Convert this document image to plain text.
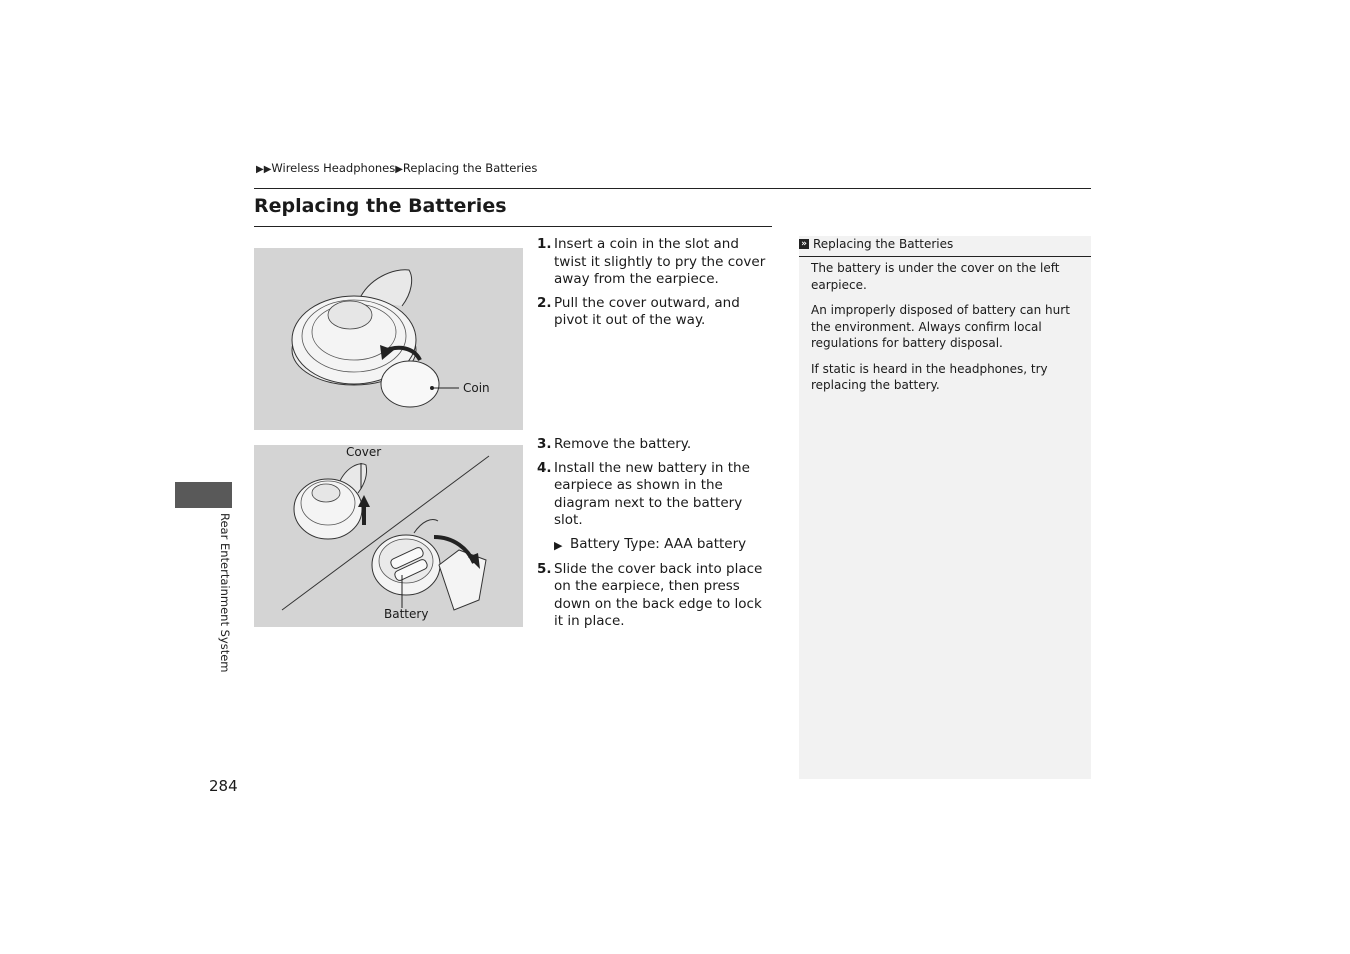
▶▶Wireless Headphones▶Replacing the Batteries
Replacing the Batteries
Coin
1. Insert a coin in the slot and twist it slightly to pry the cover away from the earpiece.
2. Pull the cover outward, and pivot it out of the way.
Cover
Battery
3. Remove the battery.
4. Install the new battery in the earpiece as shown in the diagram next to the battery slot.
▶ Battery Type: AAA battery
5. Slide the cover back into place on the earpiece, then press down on the back edge to lock it in place.
» Replacing the Batteries

The battery is under the cover on the left earpiece.

An improperly disposed of battery can hurt the environment. Always confirm local regulations for battery disposal.

If static is heard in the headphones, try replacing the battery.

Rear Entertainment System
284
